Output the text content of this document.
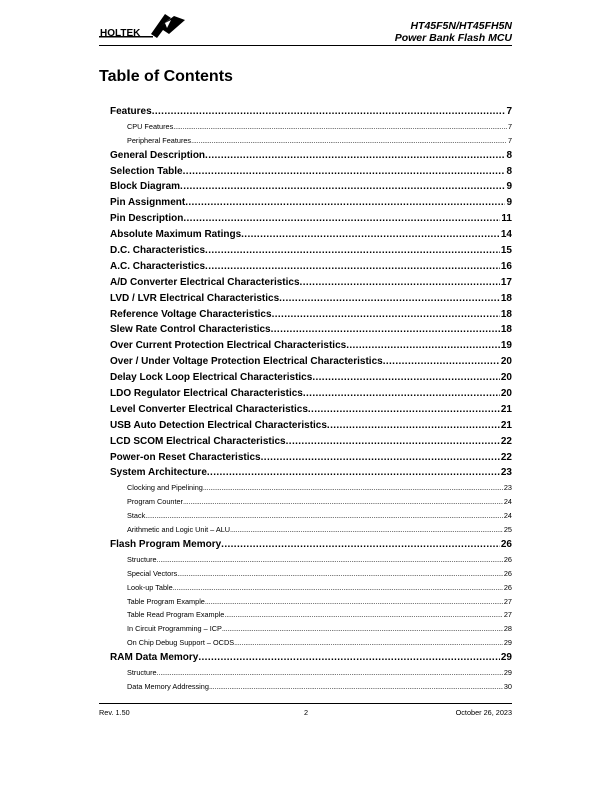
HOLTEK
HT45F5N/HT45FH5N
Power Bank Flash MCU
Table of Contents
Features . . .	7
CPU Features . . .	7
Peripheral Features . . .	7
General Description . . .	8
Selection Table . . .	8
Block Diagram . . .	9
Pin Assignment . . .	9
Pin Description . . .	11
Absolute Maximum Ratings . . .	14
D.C. Characteristics . . .	15
A.C. Characteristics . . .	16
A/D Converter Electrical Characteristics . . .	17
LVD / LVR Electrical Characteristics . . .	18
Reference Voltage Characteristics . . .	18
Slew Rate Control Characteristics . . .	18
Over Current Protection Electrical Characteristics . . .	19
Over / Under Voltage Protection Electrical Characteristics . . .	20
Delay Lock Loop Electrical Characteristics . . .	20
LDO Regulator Electrical Characteristics . . .	20
Level Converter Electrical Characteristics . . .	21
USB Auto Detection Electrical Characteristics . . .	21
LCD SCOM Electrical Characteristics . . .	22
Power-on Reset Characteristics . . .	22
System Architecture . . .	23
Clocking and Pipelining . . .	23
Program Counter . . .	24
Stack . . .	24
Arithmetic and Logic Unit – ALU . . .	25
Flash Program Memory . . .	26
Structure . . .	26
Special Vectors . . .	26
Look-up Table . . .	26
Table Program Example . . .	27
Table Read Program Example . . .	27
In Circuit Programming – ICP . . .	28
On Chip Debug Support – OCDS . . .	29
RAM Data Memory . . .	29
Structure . . .	29
Data Memory Addressing . . .	30
Rev. 1.50	2	October 26, 2023
